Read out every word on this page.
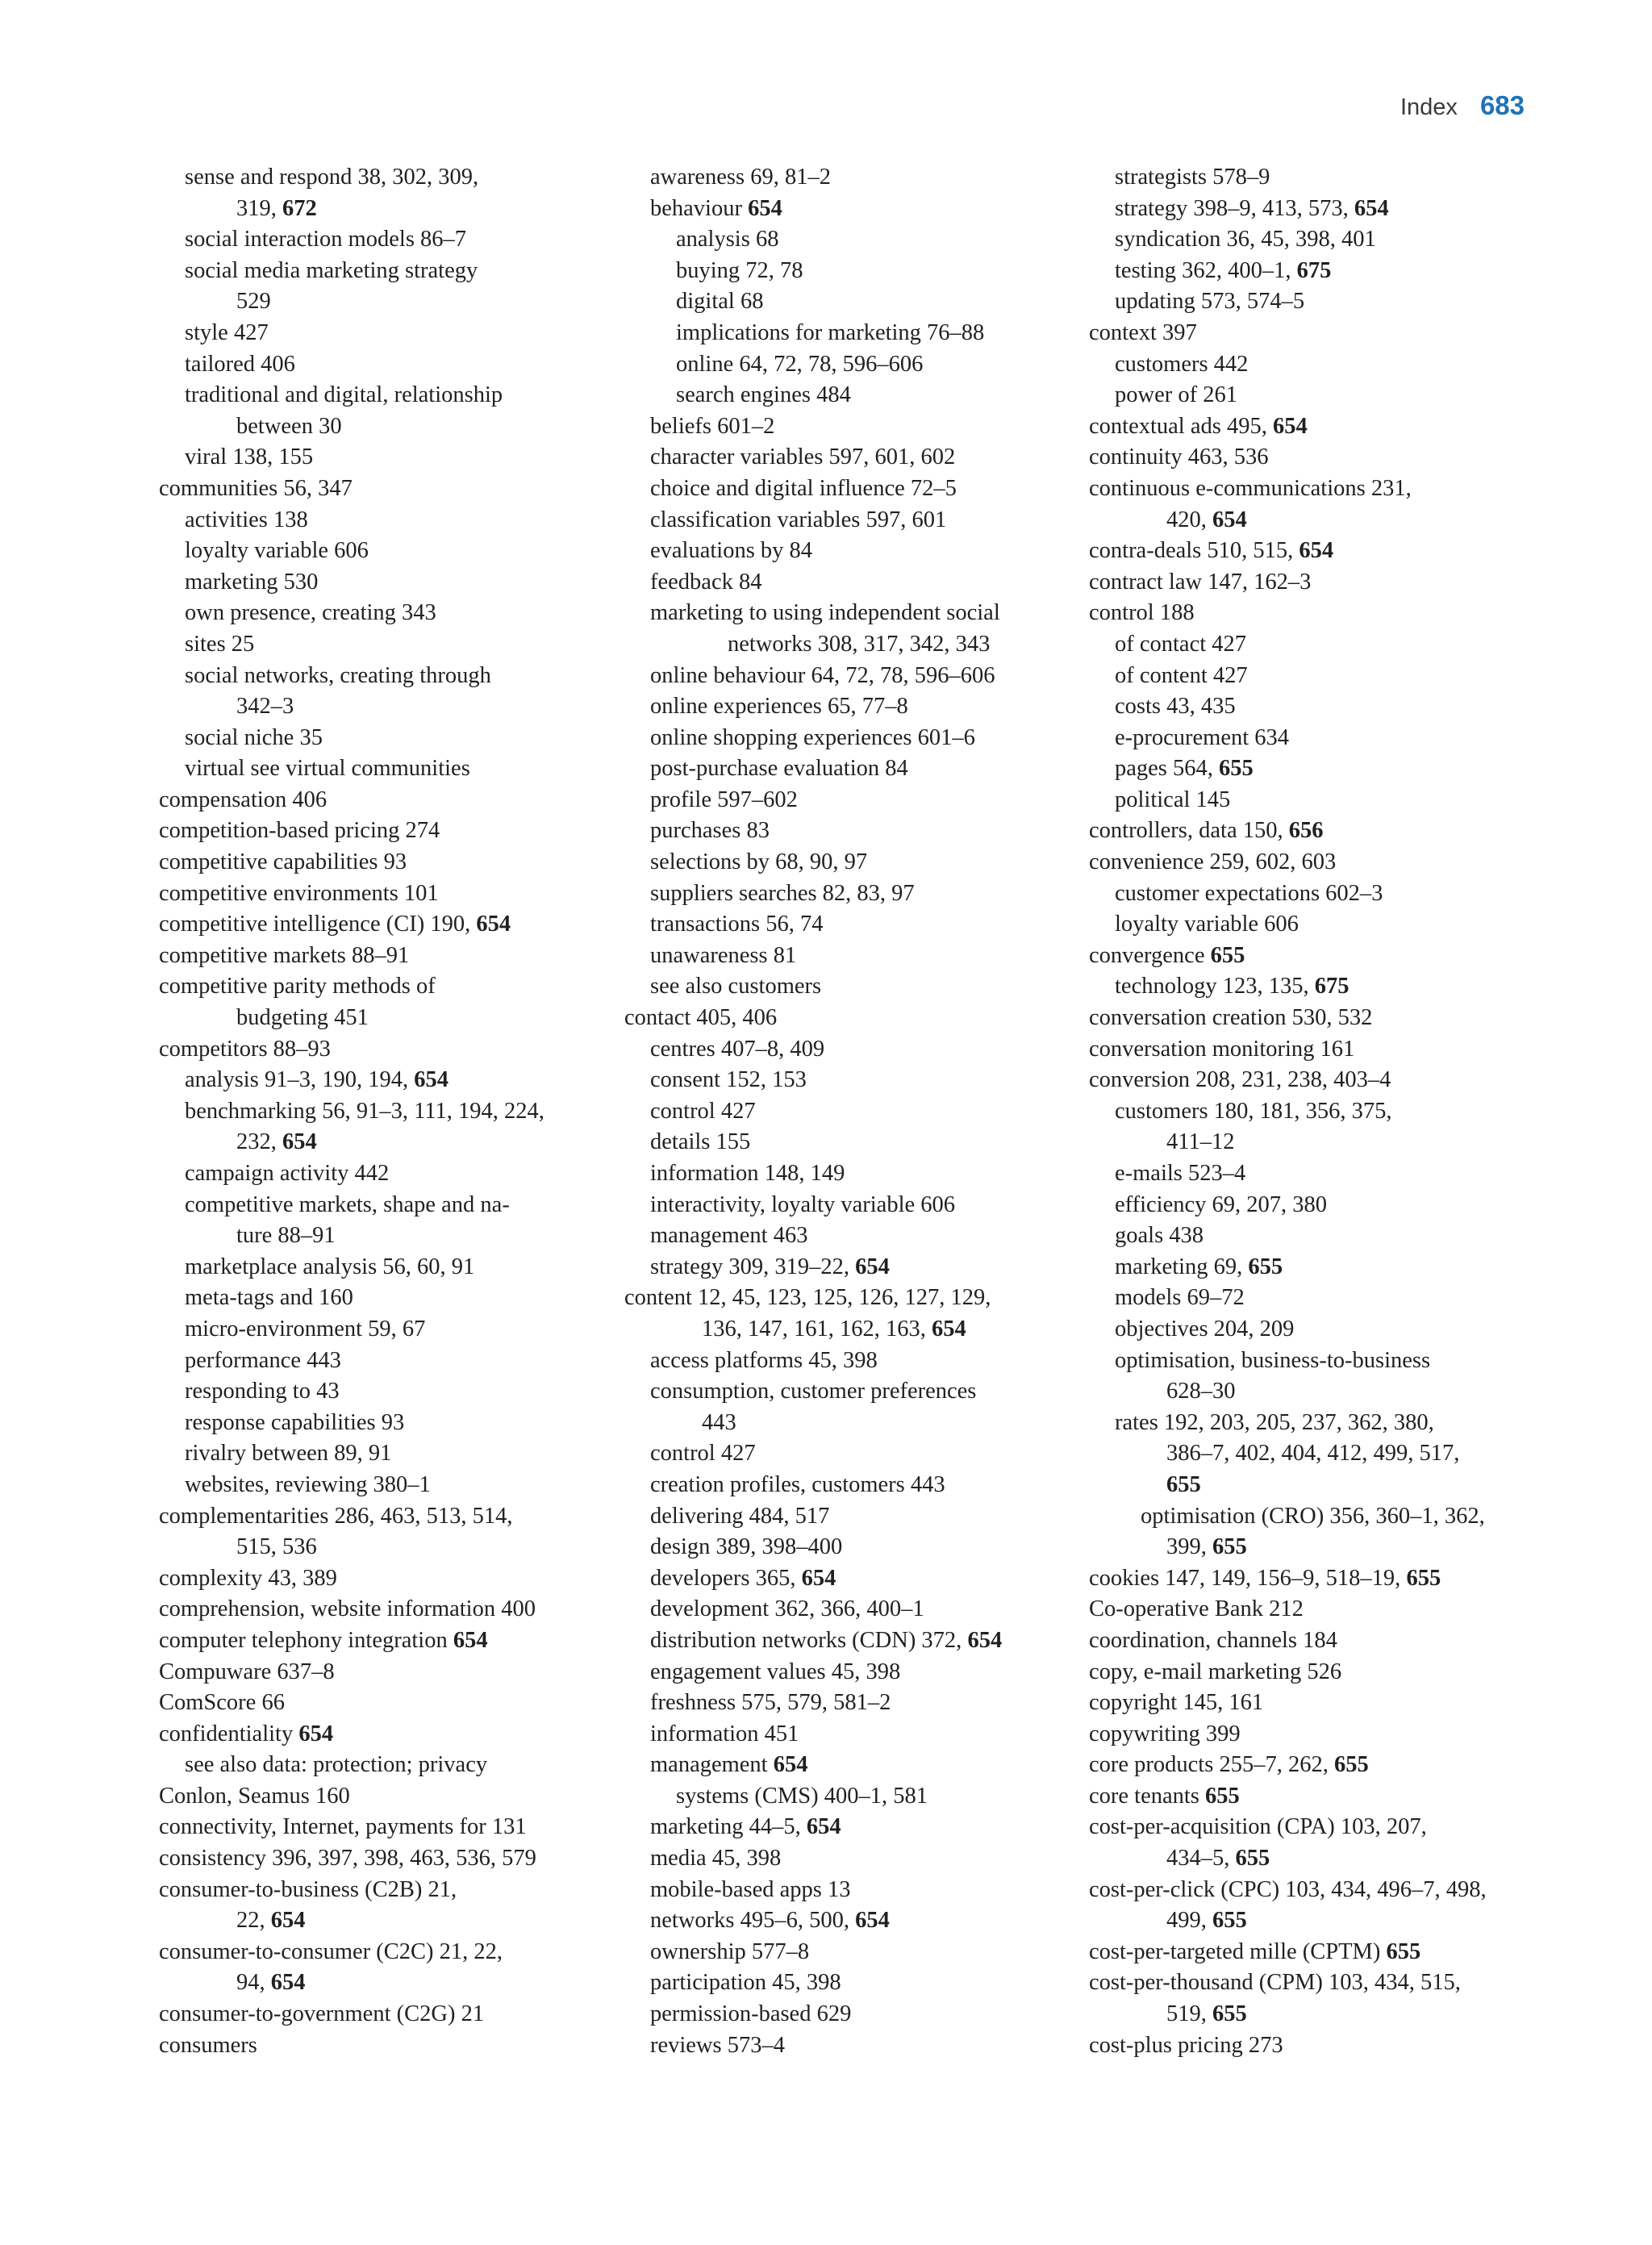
Index 683
sense and respond 38, 302, 309,
319, 672
social interaction models 86–7
social media marketing strategy
529
style 427
tailored 406
traditional and digital, relationship
between 30
viral 138, 155
communities 56, 347
activities 138
loyalty variable 606
marketing 530
own presence, creating 343
sites 25
social networks, creating through
342–3
social niche 35
virtual see virtual communities
compensation 406
competition-based pricing 274
competitive capabilities 93
competitive environments 101
competitive intelligence (CI) 190, 654
competitive markets 88–91
competitive parity methods of
budgeting 451
competitors 88–93
analysis 91–3, 190, 194, 654
benchmarking 56, 91–3, 111, 194, 224,
232, 654
campaign activity 442
competitive markets, shape and na-
ture 88–91
marketplace analysis 56, 60, 91
meta-tags and 160
micro-environment 59, 67
performance 443
responding to 43
response capabilities 93
rivalry between 89, 91
websites, reviewing 380–1
complementarities 286, 463, 513, 514,
515, 536
complexity 43, 389
comprehension, website information 400
computer telephony integration 654
Compuware 637–8
ComScore 66
confidentiality 654
see also data: protection; privacy
Conlon, Seamus 160
connectivity, Internet, payments for 131
consistency 396, 397, 398, 463, 536, 579
consumer-to-business (C2B) 21,
22, 654
consumer-to-consumer (C2C) 21, 22,
94, 654
consumer-to-government (C2G) 21
consumers
awareness 69, 81–2
behaviour 654
analysis 68
buying 72, 78
digital 68
implications for marketing 76–88
online 64, 72, 78, 596–606
search engines 484
beliefs 601–2
character variables 597, 601, 602
choice and digital influence 72–5
classification variables 597, 601
evaluations by 84
feedback 84
marketing to using independent social
networks 308, 317, 342, 343
online behaviour 64, 72, 78, 596–606
online experiences 65, 77–8
online shopping experiences 601–6
post-purchase evaluation 84
profile 597–602
purchases 83
selections by 68, 90, 97
suppliers searches 82, 83, 97
transactions 56, 74
unawareness 81
see also customers
contact 405, 406
centres 407–8, 409
consent 152, 153
control 427
details 155
information 148, 149
interactivity, loyalty variable 606
management 463
strategy 309, 319–22, 654
content 12, 45, 123, 125, 126, 127, 129,
136, 147, 161, 162, 163, 654
access platforms 45, 398
consumption, customer preferences
443
control 427
creation profiles, customers 443
delivering 484, 517
design 389, 398–400
developers 365, 654
development 362, 366, 400–1
distribution networks (CDN) 372, 654
engagement values 45, 398
freshness 575, 579, 581–2
information 451
management 654
systems (CMS) 400–1, 581
marketing 44–5, 654
media 45, 398
mobile-based apps 13
networks 495–6, 500, 654
ownership 577–8
participation 45, 398
permission-based 629
reviews 573–4
strategists 578–9
strategy 398–9, 413, 573, 654
syndication 36, 45, 398, 401
testing 362, 400–1, 675
updating 573, 574–5
context 397
customers 442
power of 261
contextual ads 495, 654
continuity 463, 536
continuous e-communications 231,
420, 654
contra-deals 510, 515, 654
contract law 147, 162–3
control 188
of contact 427
of content 427
costs 43, 435
e-procurement 634
pages 564, 655
political 145
controllers, data 150, 656
convenience 259, 602, 603
customer expectations 602–3
loyalty variable 606
convergence 655
technology 123, 135, 675
conversation creation 530, 532
conversation monitoring 161
conversion 208, 231, 238, 403–4
customers 180, 181, 356, 375,
411–12
e-mails 523–4
efficiency 69, 207, 380
goals 438
marketing 69, 655
models 69–72
objectives 204, 209
optimisation, business-to-business
628–30
rates 192, 203, 205, 237, 362, 380,
386–7, 402, 404, 412, 499, 517,
655
optimisation (CRO) 356, 360–1, 362,
399, 655
cookies 147, 149, 156–9, 518–19, 655
Co-operative Bank 212
coordination, channels 184
copy, e-mail marketing 526
copyright 145, 161
copywriting 399
core products 255–7, 262, 655
core tenants 655
cost-per-acquisition (CPA) 103, 207,
434–5, 655
cost-per-click (CPC) 103, 434, 496–7, 498,
499, 655
cost-per-targeted mille (CPTM) 655
cost-per-thousand (CPM) 103, 434, 515,
519, 655
cost-plus pricing 273
